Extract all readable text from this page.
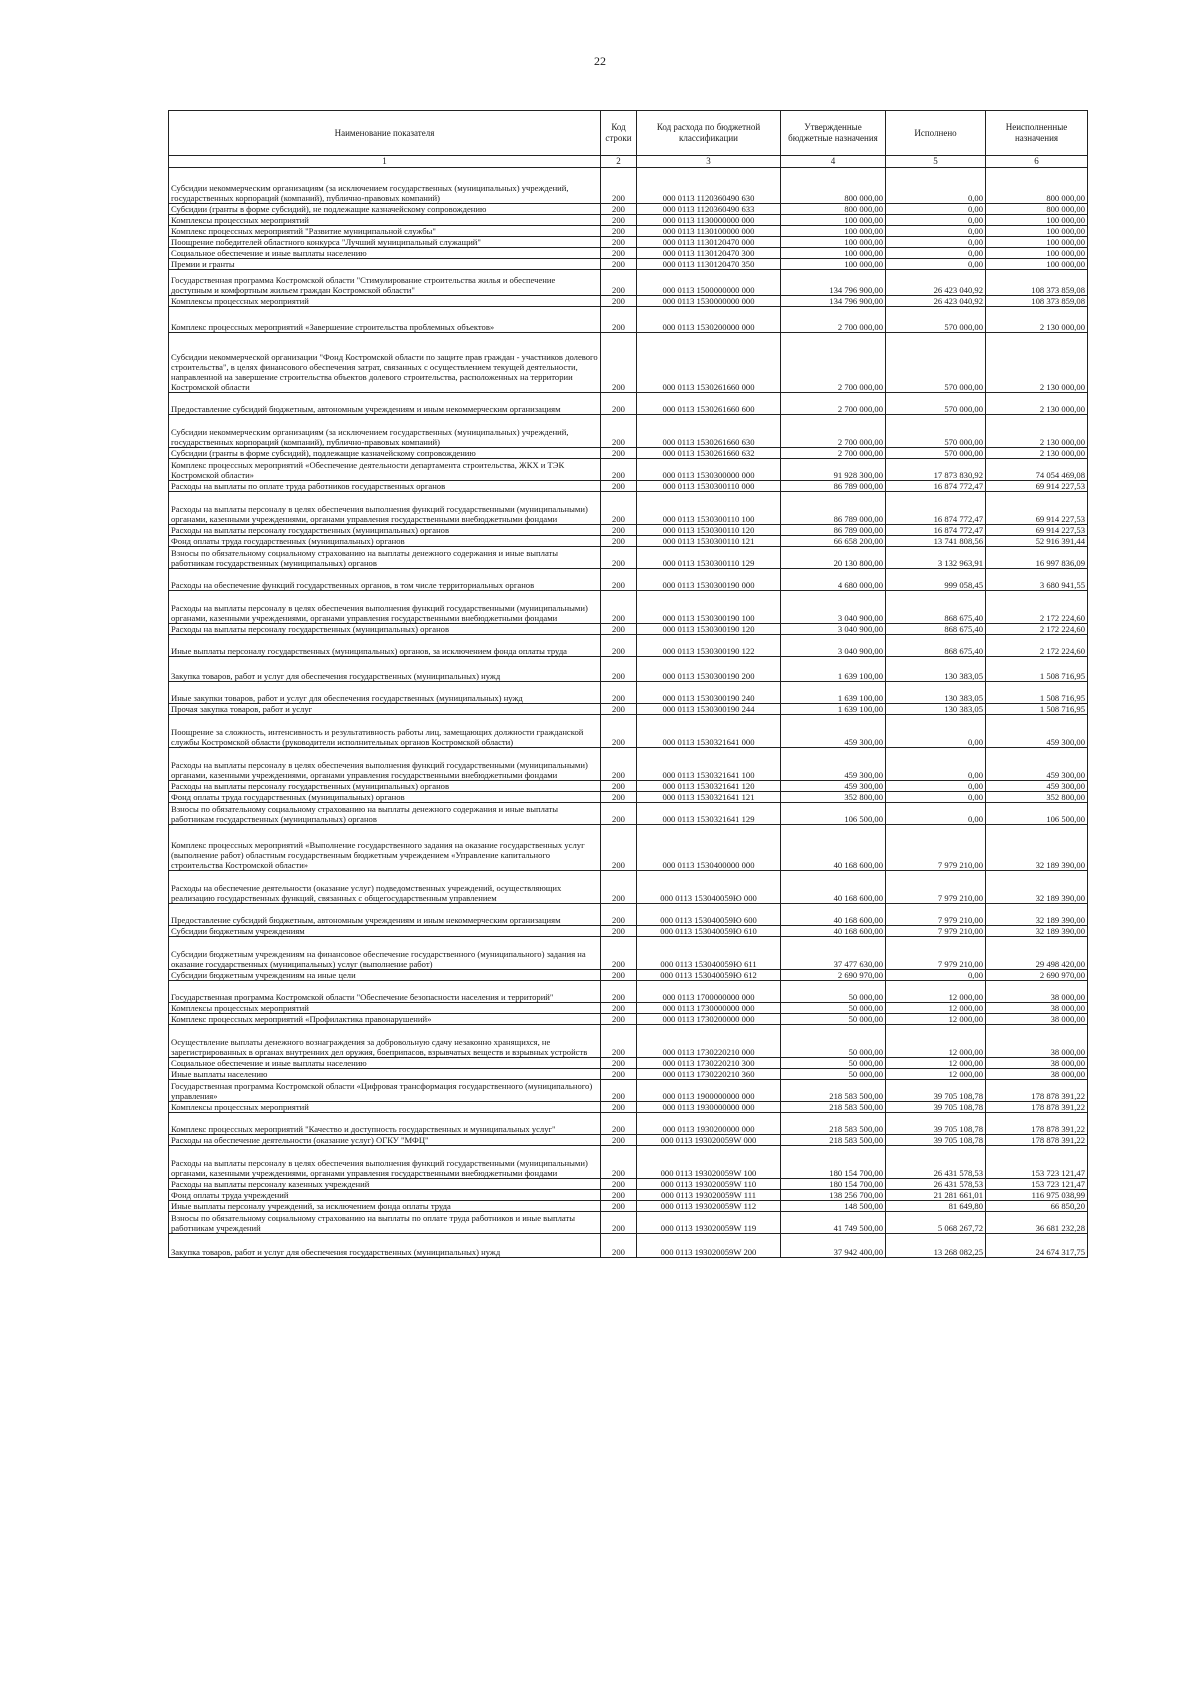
22
Наименование показателя	Код строки	Код расхода по бюджетной классификации	Утвержденные бюджетные назначения	Исполнено	Неисполненные назначения
1	2	3	4	5	6
Субсидии некоммерческим организациям (за исключением государственных (муниципальных) учреждений, государственных корпораций (компаний), публично-правовых компаний)	200	000 0113 1120360490 630	800 000,00	0,00	800 000,00
Субсидии (гранты в форме субсидий), не подлежащие казначейскому сопровождению	200	000 0113 1120360490 633	800 000,00	0,00	800 000,00
Комплексы процессных мероприятий	200	000 0113 1130000000 000	100 000,00	0,00	100 000,00
Комплекс процессных мероприятий "Развитие муниципальной службы"	200	000 0113 1130100000 000	100 000,00	0,00	100 000,00
Поощрение победителей областного конкурса "Лучший муниципальный служащий"	200	000 0113 1130120470 000	100 000,00	0,00	100 000,00
Социальное обеспечение и иные выплаты населению	200	000 0113 1130120470 300	100 000,00	0,00	100 000,00
Премии и гранты	200	000 0113 1130120470 350	100 000,00	0,00	100 000,00
Государственная программа Костромской области "Стимулирование строительства жилья и обеспечение доступным и комфортным жильем граждан Костромской области"	200	000 0113 1500000000 000	134 796 900,00	26 423 040,92	108 373 859,08
Комплексы процессных мероприятий	200	000 0113 1530000000 000	134 796 900,00	26 423 040,92	108 373 859,08
Комплекс процессных мероприятий «Завершение строительства проблемных объектов»	200	000 0113 1530200000 000	2 700 000,00	570 000,00	2 130 000,00
Субсидии некоммерческой организации "Фонд Костромской области по защите прав граждан - участников долевого строительства", в целях финансового обеспечения затрат, связанных с осуществлением текущей деятельности, направленной на завершение строительства объектов долевого строительства, расположенных на территории Костромской области	200	000 0113 1530261660 000	2 700 000,00	570 000,00	2 130 000,00
Предоставление субсидий бюджетным, автономным учреждениям и иным некоммерческим организациям	200	000 0113 1530261660 600	2 700 000,00	570 000,00	2 130 000,00
Субсидии некоммерческим организациям (за исключением государственных (муниципальных) учреждений, государственных корпораций (компаний), публично-правовых компаний)	200	000 0113 1530261660 630	2 700 000,00	570 000,00	2 130 000,00
Субсидии (гранты в форме субсидий), подлежащие казначейскому сопровождению	200	000 0113 1530261660 632	2 700 000,00	570 000,00	2 130 000,00
Комплекс процессных мероприятий «Обеспечение деятельности департамента строительства, ЖКХ и ТЭК Костромской области»	200	000 0113 1530300000 000	91 928 300,00	17 873 830,92	74 054 469,08
Расходы на выплаты по оплате труда работников государственных органов	200	000 0113 1530300110 000	86 789 000,00	16 874 772,47	69 914 227,53
Расходы на выплаты персоналу в целях обеспечения выполнения функций государственными (муниципальными) органами, казенными учреждениями, органами управления государственными внебюджетными фондами	200	000 0113 1530300110 100	86 789 000,00	16 874 772,47	69 914 227,53
Расходы на выплаты персоналу государственных (муниципальных) органов	200	000 0113 1530300110 120	86 789 000,00	16 874 772,47	69 914 227,53
Фонд оплаты труда государственных (муниципальных) органов	200	000 0113 1530300110 121	66 658 200,00	13 741 808,56	52 916 391,44
Взносы по обязательному социальному страхованию на выплаты денежного содержания и иные выплаты работникам государственных (муниципальных) органов	200	000 0113 1530300110 129	20 130 800,00	3 132 963,91	16 997 836,09
Расходы на обеспечение функций государственных органов, в том числе территориальных органов	200	000 0113 1530300190 000	4 680 000,00	999 058,45	3 680 941,55
Расходы на выплаты персоналу в целях обеспечения выполнения функций государственными (муниципальными) органами, казенными учреждениями, органами управления государственными внебюджетными фондами	200	000 0113 1530300190 100	3 040 900,00	868 675,40	2 172 224,60
Расходы на выплаты персоналу государственных (муниципальных) органов	200	000 0113 1530300190 120	3 040 900,00	868 675,40	2 172 224,60
Иные выплаты персоналу государственных (муниципальных) органов, за исключением фонда оплаты труда	200	000 0113 1530300190 122	3 040 900,00	868 675,40	2 172 224,60
Закупка товаров, работ и услуг для обеспечения государственных (муниципальных) нужд	200	000 0113 1530300190 200	1 639 100,00	130 383,05	1 508 716,95
Иные закупки товаров, работ и услуг для обеспечения государственных (муниципальных) нужд	200	000 0113 1530300190 240	1 639 100,00	130 383,05	1 508 716,95
Прочая закупка товаров, работ и услуг	200	000 0113 1530300190 244	1 639 100,00	130 383,05	1 508 716,95
Поощрение за сложность, интенсивность и результативность работы лиц, замещающих должности гражданской службы Костромской области (руководители исполнительных органов Костромской области)	200	000 0113 1530321641 000	459 300,00	0,00	459 300,00
Расходы на выплаты персоналу в целях обеспечения выполнения функций государственными (муниципальными) органами, казенными учреждениями, органами управления государственными внебюджетными фондами	200	000 0113 1530321641 100	459 300,00	0,00	459 300,00
Расходы на выплаты персоналу государственных (муниципальных) органов	200	000 0113 1530321641 120	459 300,00	0,00	459 300,00
Фонд оплаты труда государственных (муниципальных) органов	200	000 0113 1530321641 121	352 800,00	0,00	352 800,00
Взносы по обязательному социальному страхованию на выплаты денежного содержания и иные выплаты работникам государственных (муниципальных) органов	200	000 0113 1530321641 129	106 500,00	0,00	106 500,00
Комплекс процессных мероприятий «Выполнение государственного задания на оказание государственных услуг (выполнение работ) областным государственным бюджетным учреждением «Управление капитального строительства Костромской области»	200	000 0113 1530400000 000	40 168 600,00	7 979 210,00	32 189 390,00
Расходы на обеспечение деятельности (оказание услуг) подведомственных учреждений, осуществляющих реализацию государственных функций, связанных с общегосударственным управлением	200	000 0113 153040059Ю 000	40 168 600,00	7 979 210,00	32 189 390,00
Предоставление субсидий бюджетным, автономным учреждениям и иным некоммерческим организациям	200	000 0113 153040059Ю 600	40 168 600,00	7 979 210,00	32 189 390,00
Субсидии бюджетным учреждениям	200	000 0113 153040059Ю 610	40 168 600,00	7 979 210,00	32 189 390,00
Субсидии бюджетным учреждениям на финансовое обеспечение государственного (муниципального) задания на оказание государственных (муниципальных) услуг (выполнение работ)	200	000 0113 153040059Ю 611	37 477 630,00	7 979 210,00	29 498 420,00
Субсидии бюджетным учреждениям на иные цели	200	000 0113 153040059Ю 612	2 690 970,00	0,00	2 690 970,00
Государственная программа Костромской области "Обеспечение безопасности населения и территорий"	200	000 0113 1700000000 000	50 000,00	12 000,00	38 000,00
Комплексы процессных мероприятий	200	000 0113 1730000000 000	50 000,00	12 000,00	38 000,00
Комплекс процессных мероприятий «Профилактика правонарушений»	200	000 0113 1730200000 000	50 000,00	12 000,00	38 000,00
Осуществление выплаты денежного вознаграждения за добровольную сдачу незаконно хранящихся, не зарегистрированных в органах внутренних дел оружия, боеприпасов, взрывчатых веществ и взрывных устройств	200	000 0113 1730220210 000	50 000,00	12 000,00	38 000,00
Социальное обеспечение и иные выплаты населению	200	000 0113 1730220210 300	50 000,00	12 000,00	38 000,00
Иные выплаты населению	200	000 0113 1730220210 360	50 000,00	12 000,00	38 000,00
Государственная программа Костромской области «Цифровая трансформация государственного (муниципального) управления»	200	000 0113 1900000000 000	218 583 500,00	39 705 108,78	178 878 391,22
Комплексы процессных мероприятий	200	000 0113 1930000000 000	218 583 500,00	39 705 108,78	178 878 391,22
Комплекс процессных мероприятий "Качество и доступность государственных и муниципальных услуг"	200	000 0113 1930200000 000	218 583 500,00	39 705 108,78	178 878 391,22
Расходы на обеспечение деятельности (оказание услуг) ОГКУ "МФЦ"	200	000 0113 193020059W 000	218 583 500,00	39 705 108,78	178 878 391,22
Расходы на выплаты персоналу в целях обеспечения выполнения функций государственными (муниципальными) органами, казенными учреждениями, органами управления государственными внебюджетными фондами	200	000 0113 193020059W 100	180 154 700,00	26 431 578,53	153 723 121,47
Расходы на выплаты персоналу казенных учреждений	200	000 0113 193020059W 110	180 154 700,00	26 431 578,53	153 723 121,47
Фонд оплаты труда учреждений	200	000 0113 193020059W 111	138 256 700,00	21 281 661,01	116 975 038,99
Иные выплаты персоналу учреждений, за исключением фонда оплаты труда	200	000 0113 193020059W 112	148 500,00	81 649,80	66 850,20
Взносы по обязательному социальному страхованию на выплаты по оплате труда работников и иные выплаты работникам учреждений	200	000 0113 193020059W 119	41 749 500,00	5 068 267,72	36 681 232,28
Закупка товаров, работ и услуг для обеспечения государственных (муниципальных) нужд	200	000 0113 193020059W 200	37 942 400,00	13 268 082,25	24 674 317,75
